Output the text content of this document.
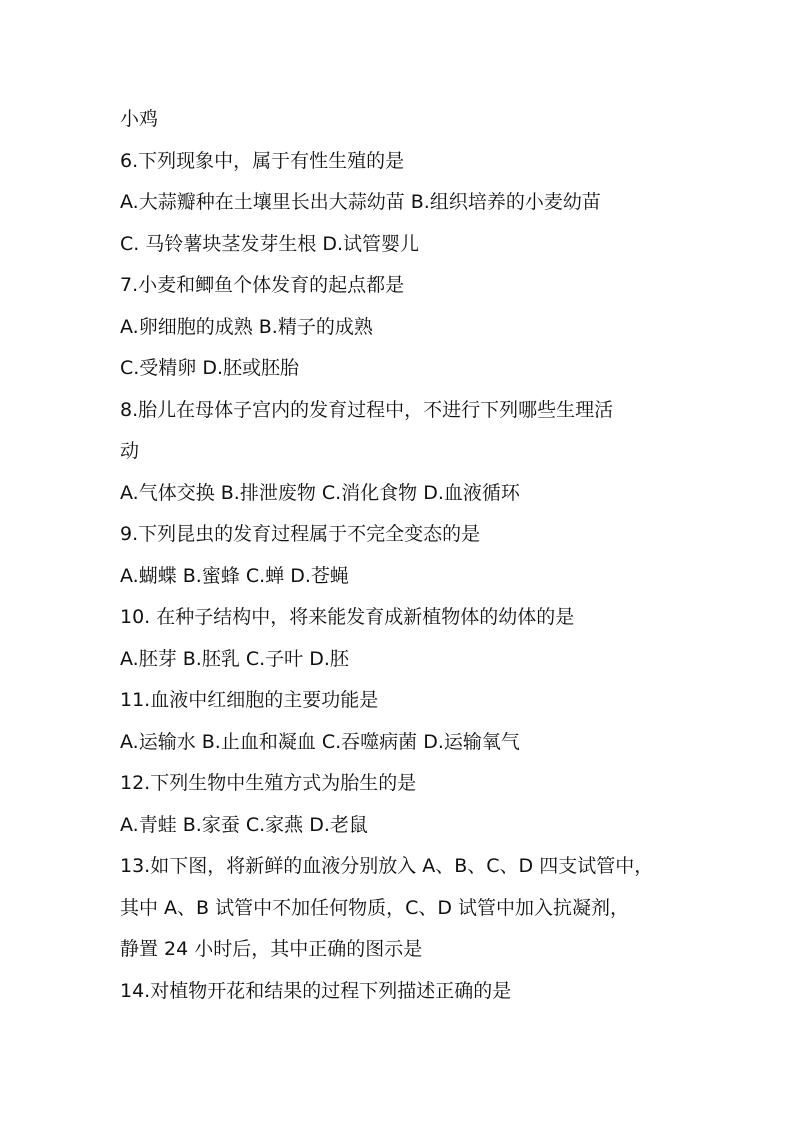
小鸡
6.下列现象中，属于有性生殖的是
A.大蒜瓣种在土壤里长出大蒜幼苗 B.组织培养的小麦幼苗
C. 马铃薯块茎发芽生根 D.试管婴儿
7.小麦和鲫鱼个体发育的起点都是
A.卵细胞的成熟 B.精子的成熟
C.受精卵 D.胚或胚胎
8.胎儿在母体子宫内的发育过程中，不进行下列哪些生理活
动
A.气体交换 B.排泄废物 C.消化食物 D.血液循环
9.下列昆虫的发育过程属于不完全变态的是
A.蝴蝶 B.蜜蜂 C.蝉 D.苍蝇
10. 在种子结构中，将来能发育成新植物体的幼体的是
A.胚芽 B.胚乳 C.子叶 D.胚
11.血液中红细胞的主要功能是
A.运输水 B.止血和凝血 C.吞噬病菌 D.运输氧气
12.下列生物中生殖方式为胎生的是
A.青蛙 B.家蚕 C.家燕 D.老鼠
13.如下图，将新鲜的血液分别放入 A、B、C、D 四支试管中，
其中 A、B 试管中不加任何物质，C、D 试管中加入抗凝剂，
静置 24 小时后，其中正确的图示是
14.对植物开花和结果的过程下列描述正确的是
